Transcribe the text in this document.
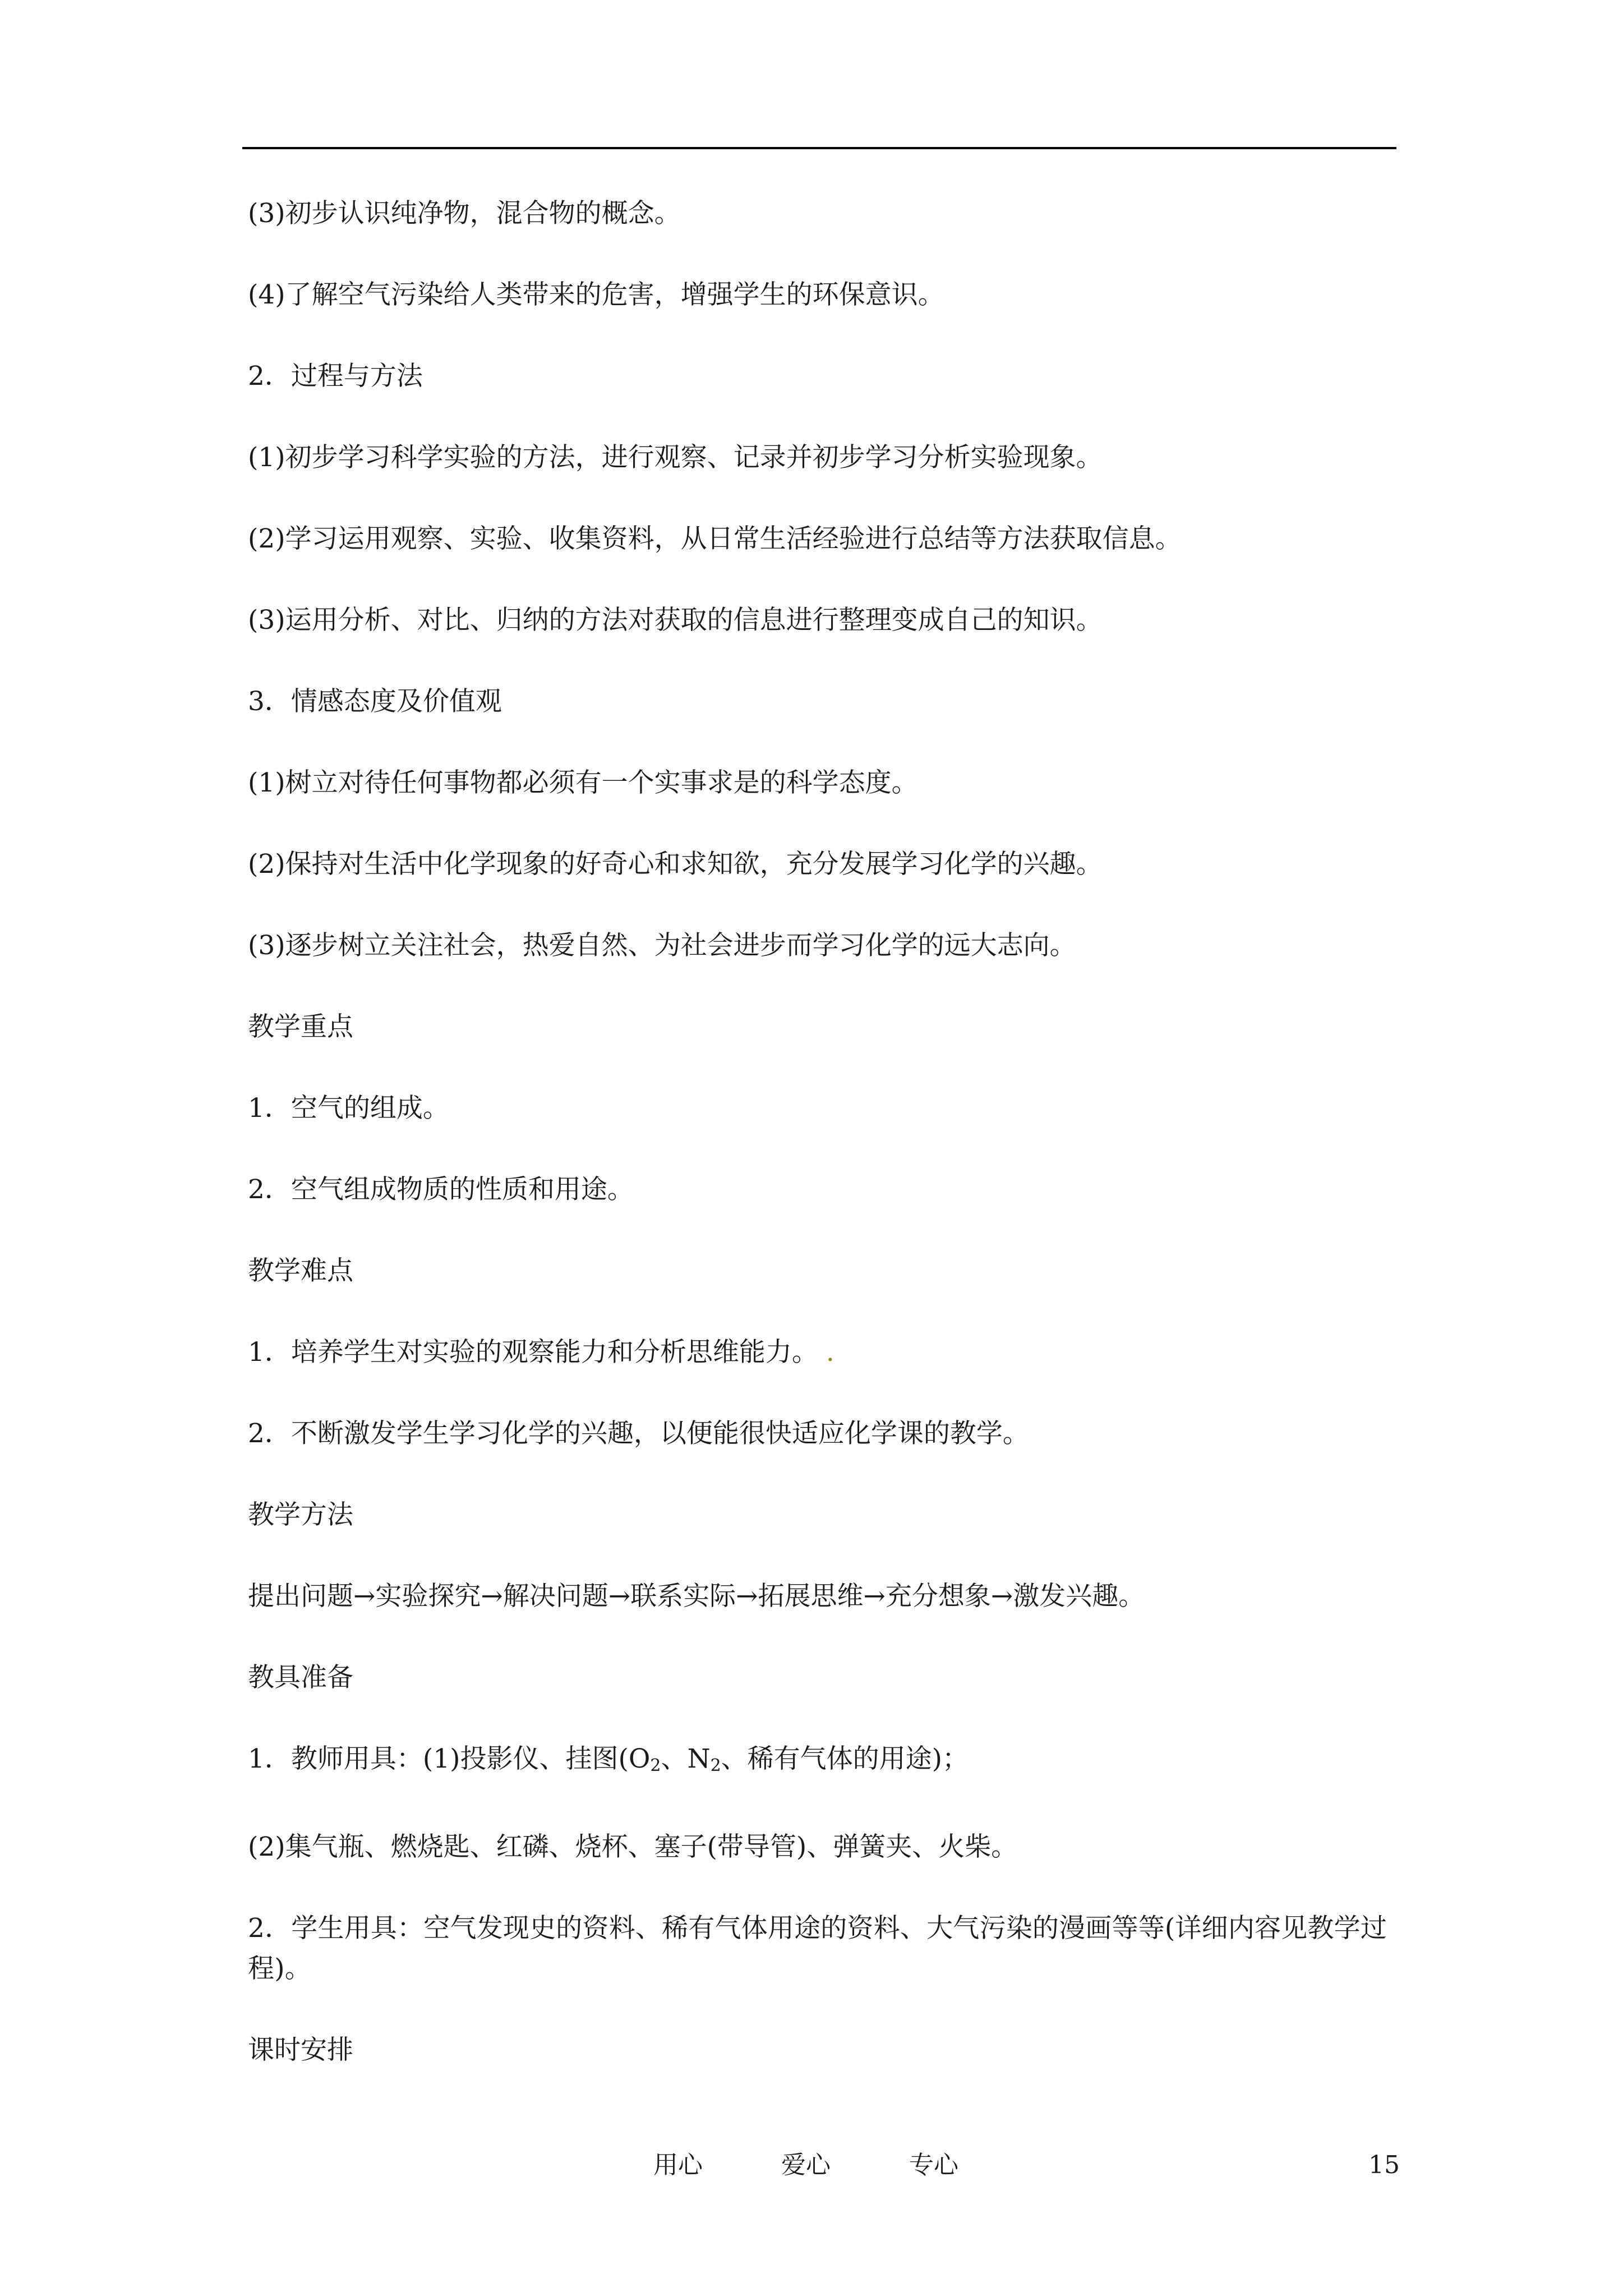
(3)初步认识纯净物，混合物的概念。

(4)了解空气污染给人类带来的危害，增强学生的环保意识。

2．过程与方法

(1)初步学习科学实验的方法，进行观察、记录并初步学习分析实验现象。

(2)学习运用观察、实验、收集资料，从日常生活经验进行总结等方法获取信息。

(3)运用分析、对比、归纳的方法对获取的信息进行整理变成自己的知识。

3．情感态度及价值观

(1)树立对待任何事物都必须有一个实事求是的科学态度。

(2)保持对生活中化学现象的好奇心和求知欲，充分发展学习化学的兴趣。

(3)逐步树立关注社会，热爱自然、为社会进步而学习化学的远大志向。

教学重点

1．空气的组成。

2．空气组成物质的性质和用途。

教学难点

1．培养学生对实验的观察能力和分析思维能力。 .

2．不断激发学生学习化学的兴趣，以便能很快适应化学课的教学。

教学方法

提出问题→实验探究→解决问题→联系实际→拓展思维→充分想象→激发兴趣。

教具准备

1．教师用具：(1)投影仪、挂图($O_2$、$N_2$、稀有气体的用途)；

(2)集气瓶、燃烧匙、红磷、烧杯、塞子(带导管)、弹簧夹、火柴。

2．学生用具：空气发现史的资料、稀有气体用途的资料、大气污染的漫画等等(详细内容见教学过程)。

课时安排

用心	爱心	专心	15
